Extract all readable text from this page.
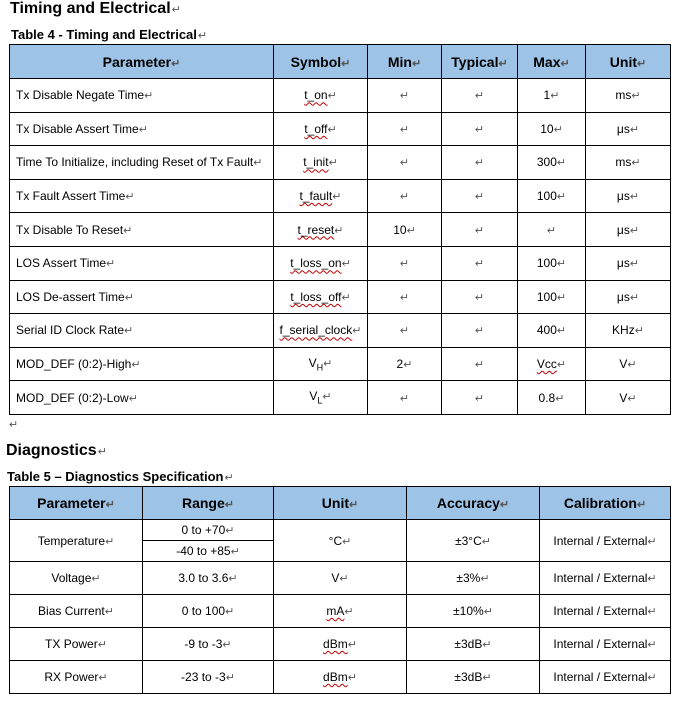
Timing and Electrical↵
Table 4 - Timing and Electrical↵
Parameter↵	Symbol↵	Min↵	Typical↵	Max↵	Unit↵
Tx Disable Negate Time↵	t_on↵	↵	↵	1↵	ms↵
Tx Disable Assert Time↵	t_off↵	↵	↵	10↵	μs↵
Time To Initialize, including Reset of Tx Fault↵	t_init↵	↵	↵	300↵	ms↵
Tx Fault Assert Time↵	t_fault↵	↵	↵	100↵	μs↵
Tx Disable To Reset↵	t_reset↵	10↵	↵	↵	μs↵
LOS Assert Time↵	t_loss_on↵	↵	↵	100↵	μs↵
LOS De-assert Time↵	t_loss_off↵	↵	↵	100↵	μs↵
Serial ID Clock Rate↵	f_serial_clock↵	↵	↵	400↵	KHz↵
MOD_DEF (0:2)-High↵	$V_H↵$	2↵	↵	Vcc↵	V↵
MOD_DEF (0:2)-Low↵	$V_L↵$	↵	↵	0.8↵	V↵
↵
Diagnostics↵
Table 5 – Diagnostics Specification↵
Parameter↵	Range↵	Unit↵	Accuracy↵	Calibration↵
Temperature↵	0 to +70↵	°C↵	±3°C↵	Internal / External↵
	-40 to +85↵			
Voltage↵	3.0 to 3.6↵	V↵	±3%↵	Internal / External↵
Bias Current↵	0 to 100↵	mA↵	±10%↵	Internal / External↵
TX Power↵	-9 to -3↵	dBm↵	±3dB↵	Internal / External↵
RX Power↵	-23 to -3↵	dBm↵	±3dB↵	Internal / External↵
